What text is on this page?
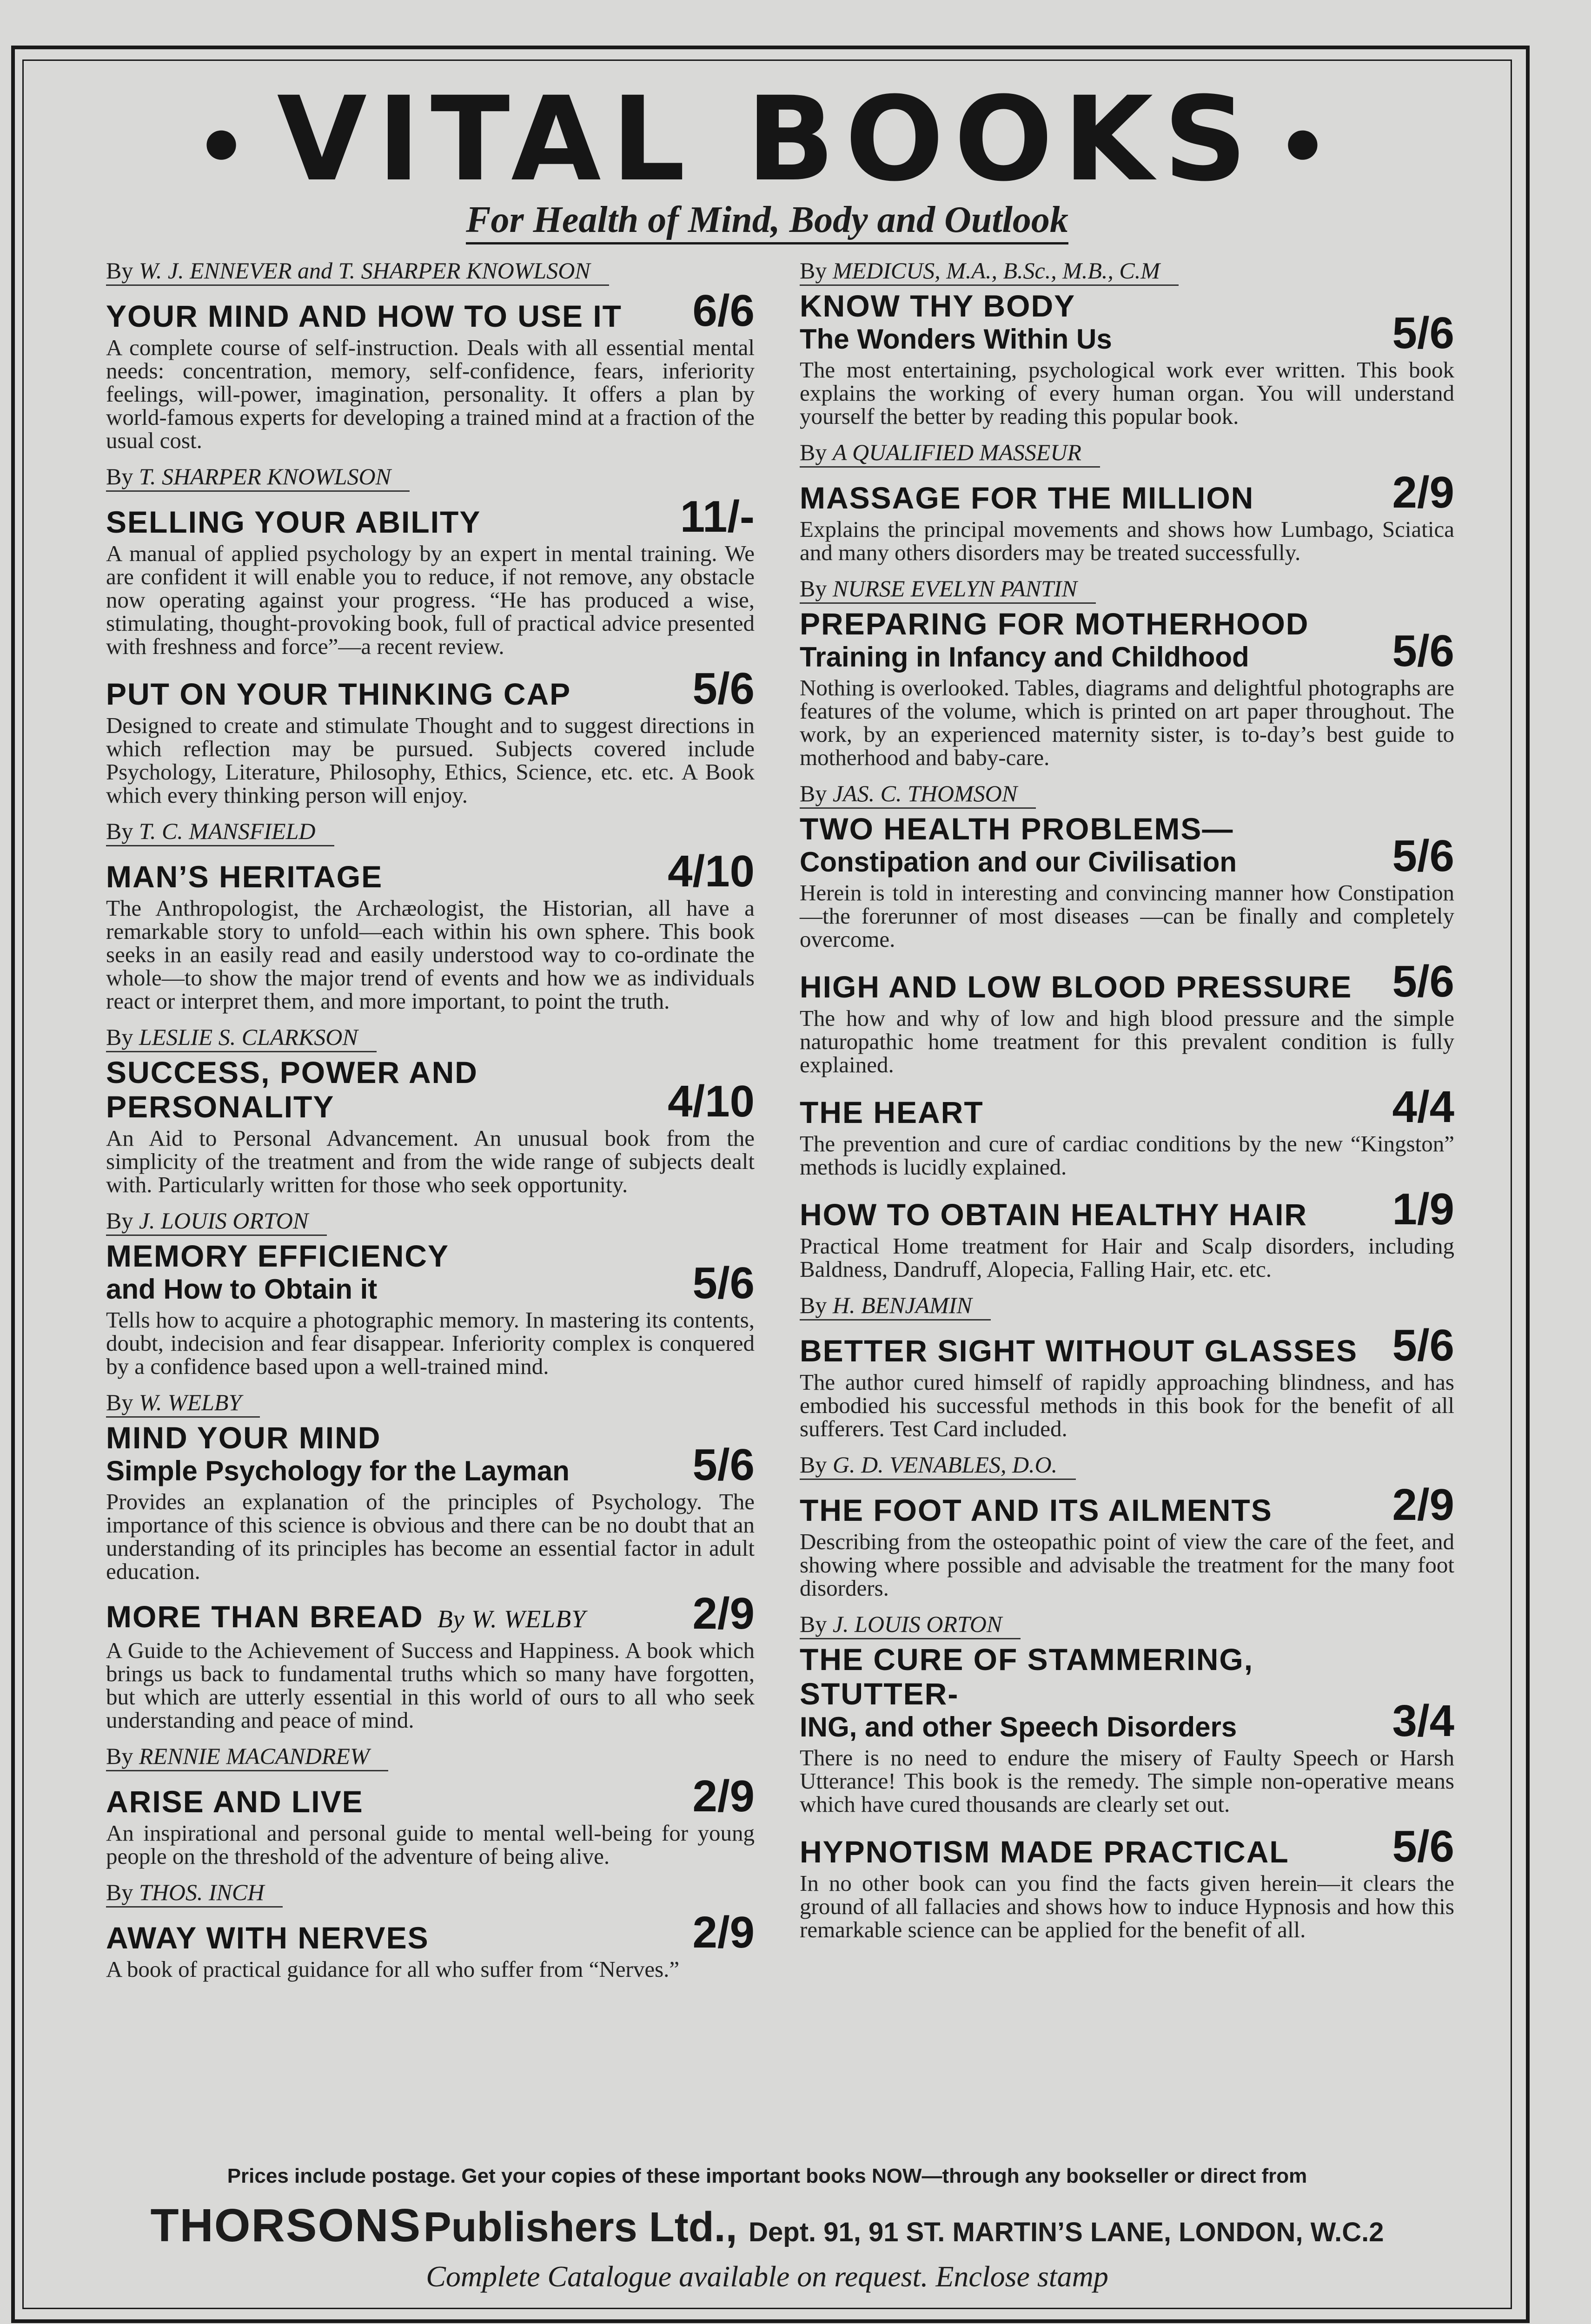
• VITAL BOOKS •
For Health of Mind, Body and Outlook
By W. J. ENNEVER and T. SHARPER KNOWLSON
YOUR MIND AND HOW TO USE IT 6/6
A complete course of self-instruction. Deals with all essential mental needs: concentration, memory, self-confidence, fears, inferiority feelings, will-power, imagination, personality. It offers a plan by world-famous experts for developing a trained mind at a fraction of the usual cost.
By T. SHARPER KNOWLSON
SELLING YOUR ABILITY	11/-
A manual of applied psychology by an expert in mental training. We are confident it will enable you to reduce, if not remove, any obstacle now operating against your progress. “He has produced a wise, stimulating, thought-provoking book, full of practical advice presented with freshness and force”—a recent review.
PUT ON YOUR THINKING CAP	5/6
Designed to create and stimulate Thought and to suggest directions in which reflection may be pursued. Subjects covered include Psychology, Literature, Philosophy, Ethics, Science, etc. etc. A Book which every thinking person will enjoy.
By T. C. MANSFIELD
MAN’S HERITAGE	4/10
The Anthropologist, the Archæologist, the Historian, all have a remarkable story to unfold—each within his own sphere. This book seeks in an easily read and easily understood way to co-ordinate the whole—to show the major trend of events and how we as individuals react or interpret them, and more important, to point the truth.
By LESLIE S. CLARKSON
SUCCESS, POWER AND PERSONALITY	4/10
An Aid to Personal Advancement. An unusual book from the simplicity of the treatment and from the wide range of subjects dealt with. Particularly written for those who seek opportunity.
By J. LOUIS ORTON
MEMORY EFFICIENCY
and How to Obtain it	5/6
Tells how to acquire a photographic memory. In mastering its contents, doubt, indecision and fear disappear. Inferiority complex is conquered by a confidence based upon a well-trained mind.
By W. WELBY
MIND YOUR MIND
Simple Psychology for the Layman	5/6
Provides an explanation of the principles of Psychology. The importance of this science is obvious and there can be no doubt that an understanding of its principles has become an essential factor in adult education.
MORE THAN BREAD By W. WELBY 2/9
A Guide to the Achievement of Success and Happiness. A book which brings us back to fundamental truths which so many have forgotten, but which are utterly essential in this world of ours to all who seek understanding and peace of mind.
By RENNIE MACANDREW
ARISE AND LIVE	2/9
An inspirational and personal guide to mental well-being for young people on the threshold of the adventure of being alive.
By THOS. INCH
AWAY WITH NERVES	2/9
A book of practical guidance for all who suffer from “Nerves.”
By MEDICUS, M.A., B.Sc., M.B., C.M
KNOW THY BODY
The Wonders Within Us	5/6
The most entertaining, psychological work ever written. This book explains the working of every human organ. You will understand yourself the better by reading this popular book.
By A QUALIFIED MASSEUR
MASSAGE FOR THE MILLION	2/9
Explains the principal movements and shows how Lumbago, Sciatica and many others disorders may be treated successfully.
By NURSE EVELYN PANTIN
PREPARING FOR MOTHERHOOD
Training in Infancy and Childhood	5/6
Nothing is overlooked. Tables, diagrams and delightful photographs are features of the volume, which is printed on art paper throughout. The work, by an experienced maternity sister, is to-day’s best guide to motherhood and baby-care.
By JAS. C. THOMSON
TWO HEALTH PROBLEMS—
Constipation and our Civilisation	5/6
Herein is told in interesting and convincing manner how Constipation—the forerunner of most diseases —can be finally and completely overcome.
HIGH AND LOW BLOOD PRESSURE 5/6
The how and why of low and high blood pressure and the simple naturopathic home treatment for this prevalent condition is fully explained.
THE HEART	4/4
The prevention and cure of cardiac conditions by the new “Kingston” methods is lucidly explained.
HOW TO OBTAIN HEALTHY HAIR 1/9
Practical Home treatment for Hair and Scalp disorders, including Baldness, Dandruff, Alopecia, Falling Hair, etc. etc.
By H. BENJAMIN
BETTER SIGHT WITHOUT GLASSES 5/6
The author cured himself of rapidly approaching blindness, and has embodied his successful methods in this book for the benefit of all sufferers. Test Card included.
By G. D. VENABLES, D.O.
THE FOOT AND ITS AILMENTS	2/9
Describing from the osteopathic point of view the care of the feet, and showing where possible and advisable the treatment for the many foot disorders.
By J. LOUIS ORTON
THE CURE OF STAMMERING, STUTTER-
ING, and other Speech Disorders	3/4
There is no need to endure the misery of Faulty Speech or Harsh Utterance! This book is the remedy. The simple non-operative means which have cured thousands are clearly set out.
HYPNOTISM MADE PRACTICAL 5/6
In no other book can you find the facts given herein—it clears the ground of all fallacies and shows how to induce Hypnosis and how this remarkable science can be applied for the benefit of all.
Prices include postage. Get your copies of these important books NOW—through any bookseller or direct from
THORSONS Publishers Ltd., Dept. 91, 91 ST. MARTIN’S LANE, LONDON, W.C.2
Complete Catalogue available on request. Enclose stamp
